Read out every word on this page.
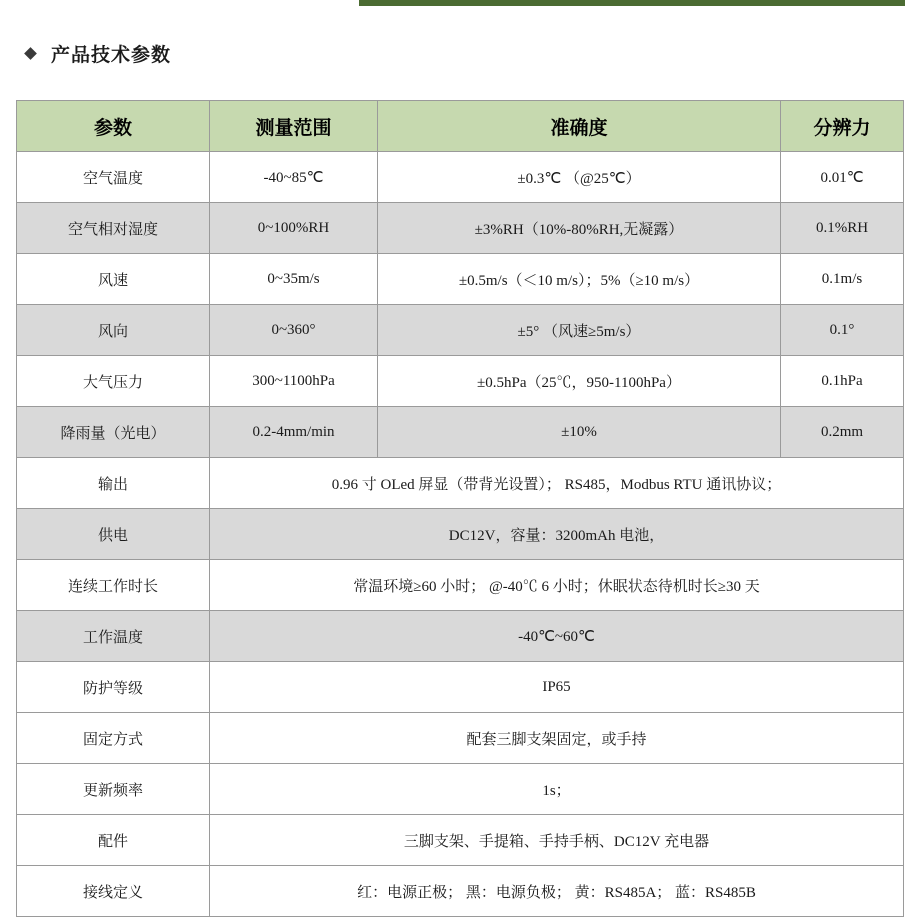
产品技术参数
参数	测量范围	准确度	分辨力
空气温度	-40~85℃	±0.3℃ （@25℃）	0.01℃
空气相对湿度	0~100%RH	±3%RH（10%-80%RH,无凝露）	0.1%RH
风速	0~35m/s	±0.5m/s（＜10 m/s）；5%（≥10 m/s）	0.1m/s
风向	0~360°	±5° （风速≥5m/s）	0.1°
大气压力	300~1100hPa	±0.5hPa（25℃，950-1100hPa）	0.1hPa
降雨量（光电）	0.2-4mm/min	±10%	0.2mm
输出	0.96 寸 OLed 屏显（带背光设置）； RS485，Modbus RTU 通讯协议；		
供电	DC12V，容量：3200mAh 电池，		
连续工作时长	常温环境≥60 小时； @-40℃ 6 小时；休眠状态待机时长≥30 天		
工作温度	-40℃~60℃		
防护等级	IP65		
固定方式	配套三脚支架固定，或手持		
更新频率	1s；		
配件	三脚支架、手提箱、手持手柄、DC12V 充电器		
接线定义	红：电源正极； 黑：电源负极； 黄：RS485A； 蓝：RS485B		
